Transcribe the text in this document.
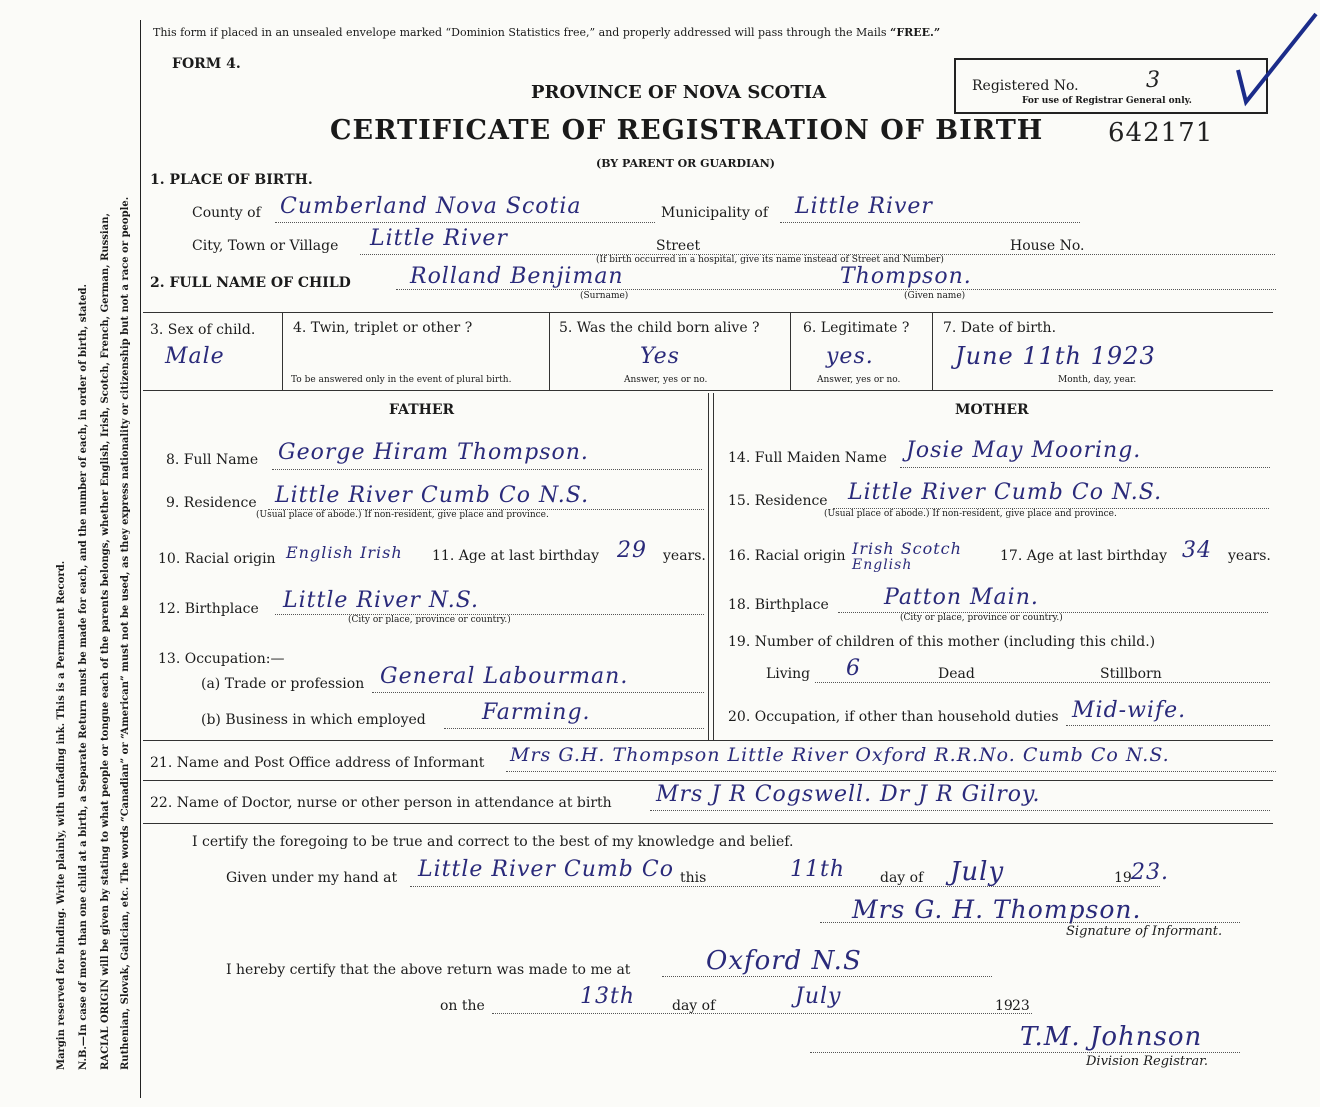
Margin reserved for binding. Write plainly, with unfading ink. This is a Permanent Record. N.B.—In case of more than one child at a birth, a Separate Return must be made for each, and the number of each, in order of birth, stated. RACIAL ORIGIN will be given by stating to what people or tongue each of the parents belongs, whether English, Irish, Scotch, French, German, Russian, Ruthenian, Slovak, Galician, etc. The words “Canadian” or “American” must not be used, as they express nationality or citizenship but not a race or people.
This form if placed in an unsealed envelope marked “Dominion Statistics free,” and properly addressed will pass through the Mails “FREE.”
FORM 4.
PROVINCE OF NOVA SCOTIA
CERTIFICATE OF REGISTRATION OF BIRTH
(BY PARENT OR GUARDIAN)
642171
Registered No.	3
For use of Registrar General only.
1. PLACE OF BIRTH.
County of Cumberland Nova Scotia	Municipality of Little River
City, Town or Village Little River	Street	House No.
(If birth occurred in a hospital, give its name instead of Street and Number)
2. FULL NAME OF CHILD	Rolland Benjiman	Thompson.
(Surname)	(Given name)
3. Sex of child.
Male
4. Twin, triplet or other ?
To be answered only in the event of plural birth.
5. Was the child born alive ?
Yes
Answer, yes or no.
6. Legitimate ?
yes.
Answer, yes or no.
7. Date of birth.
June 11th 1923
Month, day, year.
FATHER	MOTHER
8. Full Name George Hiram Thompson.
9. Residence Little River Cumb Co N.S.
(Usual place of abode.) If non-resident, give place and province.
10. Racial origin English Irish 11. Age at last birthday 29 years.
12. Birthplace Little River N.S.
(City or place, province or country.)
13. Occupation:—
(a) Trade or profession General Labourman.
(b) Business in which employed	Farming.
14. Full Maiden Name Josie May Mooring.
15. Residence Little River Cumb Co N.S.
(Usual place of abode.) If non-resident, give place and province.
16. Racial origin Irish Scotch
English
17. Age at last birthday 34 years.
18. Birthplace	Patton Main.
(City or place, province or country.)
19. Number of children of this mother (including this child.)
Living 6	Dead	Stillborn
20. Occupation, if other than household duties Mid-wife.
21. Name and Post Office address of Informant Mrs G.H. Thompson Little River Oxford R.R.No. Cumb Co N.S.
22. Name of Doctor, nurse or other person in attendance at birth Mrs J R Cogswell. Dr J R Gilroy.
I certify the foregoing to be true and correct to the best of my knowledge and belief.
Given under my hand at Little River Cumb Co this	11th day of July	19 23.
Mrs G. H. Thompson.
Signature of Informant.
I hereby certify that the above return was made to me at	Oxford N.S
on the	13th	day of	July	19 23
T.M. Johnson
Division Registrar.
